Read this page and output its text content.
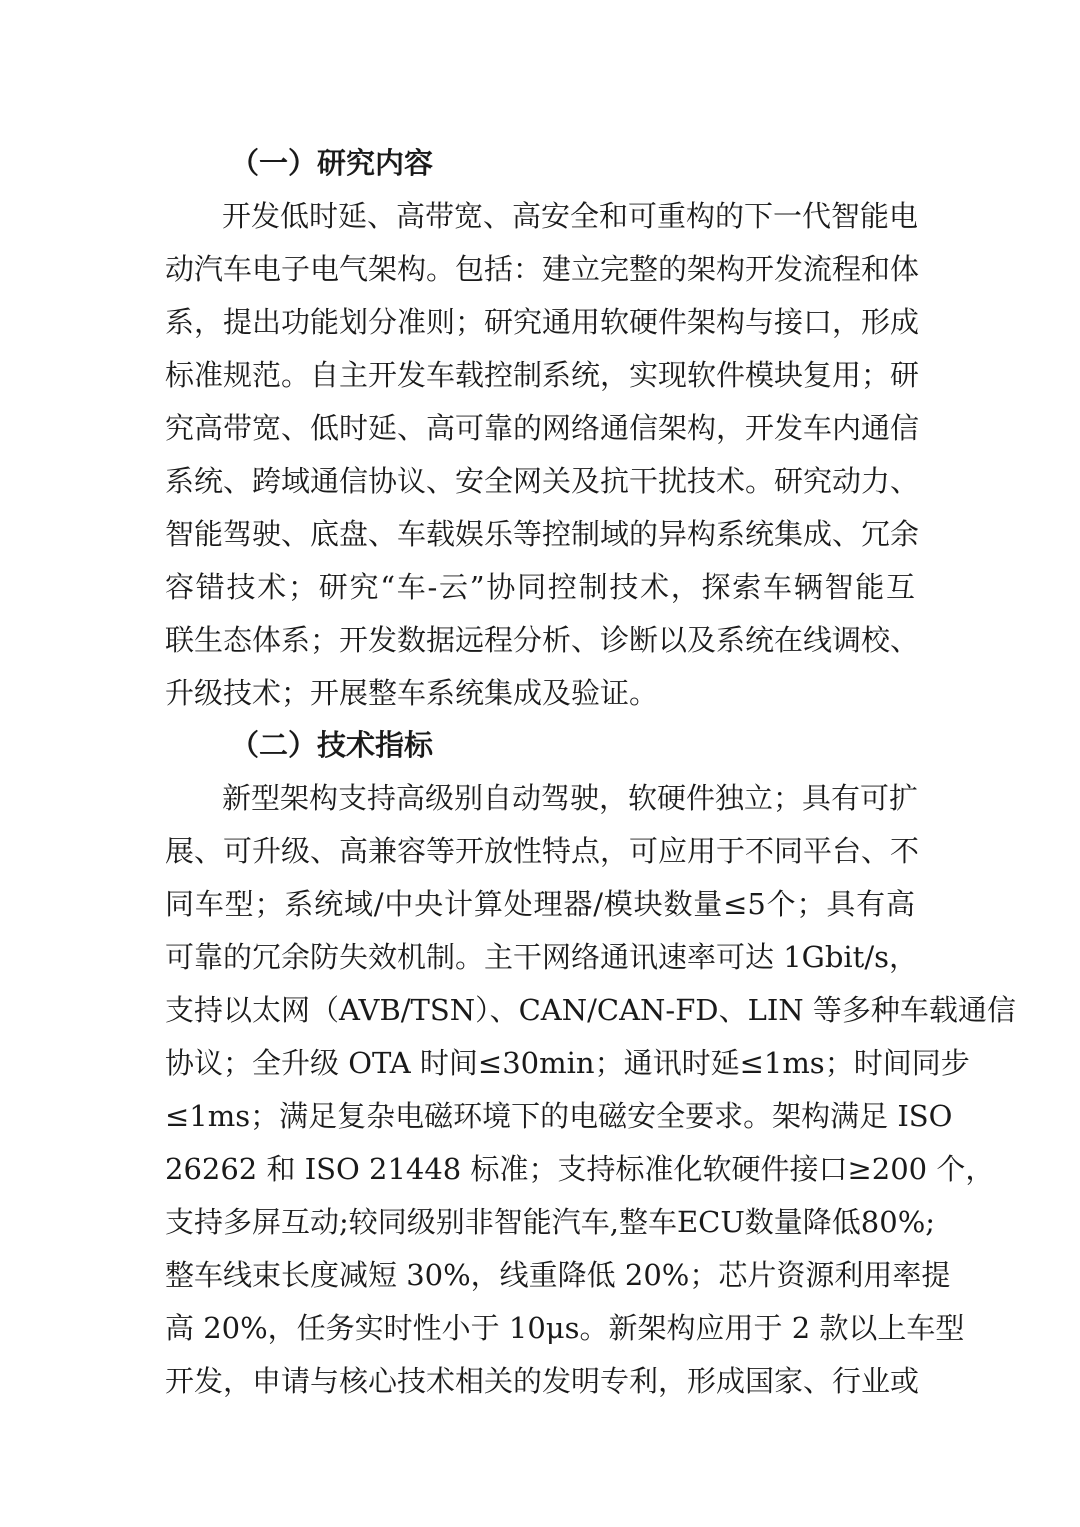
（一）研究内容
开发低时延、高带宽、高安全和可重构的下一代智能电
动汽车电子电气架构。包括：建立完整的架构开发流程和体
系，提出功能划分准则；研究通用软硬件架构与接口，形成
标准规范。自主开发车载控制系统，实现软件模块复用；研
究高带宽、低时延、高可靠的网络通信架构，开发车内通信
系统、跨域通信协议、安全网关及抗干扰技术。研究动力、
智能驾驶、底盘、车载娱乐等控制域的异构系统集成、冗余
容错技术；研究“车-云”协同控制技术，探索车辆智能互
联生态体系；开发数据远程分析、诊断以及系统在线调校、
升级技术；开展整车系统集成及验证。
（二）技术指标
新型架构支持高级别自动驾驶，软硬件独立；具有可扩
展、可升级、高兼容等开放性特点，可应用于不同平台、不
同车型；系统域/中央计算处理器/模块数量≤5个；具有高
可靠的冗余防失效机制。主干网络通讯速率可达 1Gbit/s，
支持以太网（AVB/TSN）、CAN/CAN-FD、LIN 等多种车载通信
协议；全升级 OTA 时间≤30min；通讯时延≤1ms；时间同步
≤1ms；满足复杂电磁环境下的电磁安全要求。架构满足 ISO
26262 和 ISO 21448 标准；支持标准化软硬件接口≥200 个，
支持多屏互动;较同级别非智能汽车,整车ECU数量降低80%;
整车线束长度减短 30%，线重降低 20%；芯片资源利用率提
高 20%，任务实时性小于 10μs。新架构应用于 2 款以上车型
开发，申请与核心技术相关的发明专利，形成国家、行业或
